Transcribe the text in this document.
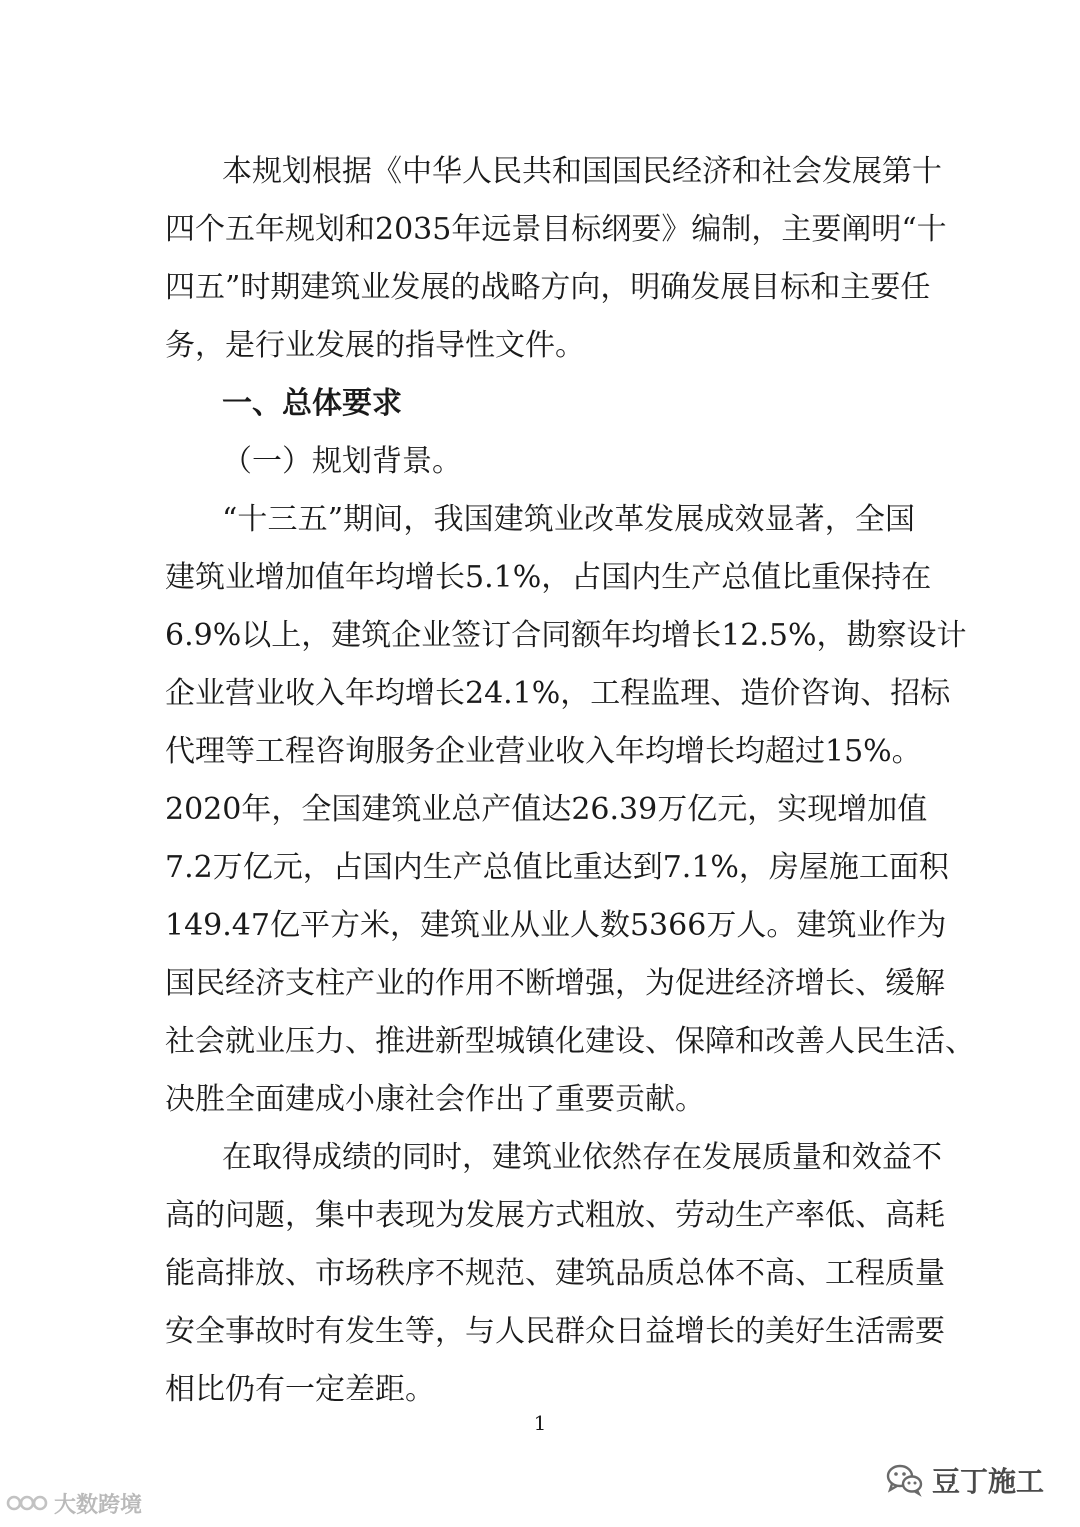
本规划根据《中华人民共和国国民经济和社会发展第十
四个五年规划和2035年远景目标纲要》编制，主要阐明“十
四五”时期建筑业发展的战略方向，明确发展目标和主要任
务，是行业发展的指导性文件。
一、总体要求
（一）规划背景。
“十三五”期间，我国建筑业改革发展成效显著，全国
建筑业增加值年均增长5.1%，占国内生产总值比重保持在
6.9%以上，建筑企业签订合同额年均增长12.5%，勘察设计
企业营业收入年均增长24.1%，工程监理、造价咨询、招标
代理等工程咨询服务企业营业收入年均增长均超过15%。
2020年，全国建筑业总产值达26.39万亿元，实现增加值
7.2万亿元，占国内生产总值比重达到7.1%，房屋施工面积
149.47亿平方米，建筑业从业人数5366万人。建筑业作为
国民经济支柱产业的作用不断增强，为促进经济增长、缓解
社会就业压力、推进新型城镇化建设、保障和改善人民生活、
决胜全面建成小康社会作出了重要贡献。
在取得成绩的同时，建筑业依然存在发展质量和效益不
高的问题，集中表现为发展方式粗放、劳动生产率低、高耗
能高排放、市场秩序不规范、建筑品质总体不高、工程质量
安全事故时有发生等，与人民群众日益增长的美好生活需要
相比仍有一定差距。
1
豆丁施工
大数跨境
